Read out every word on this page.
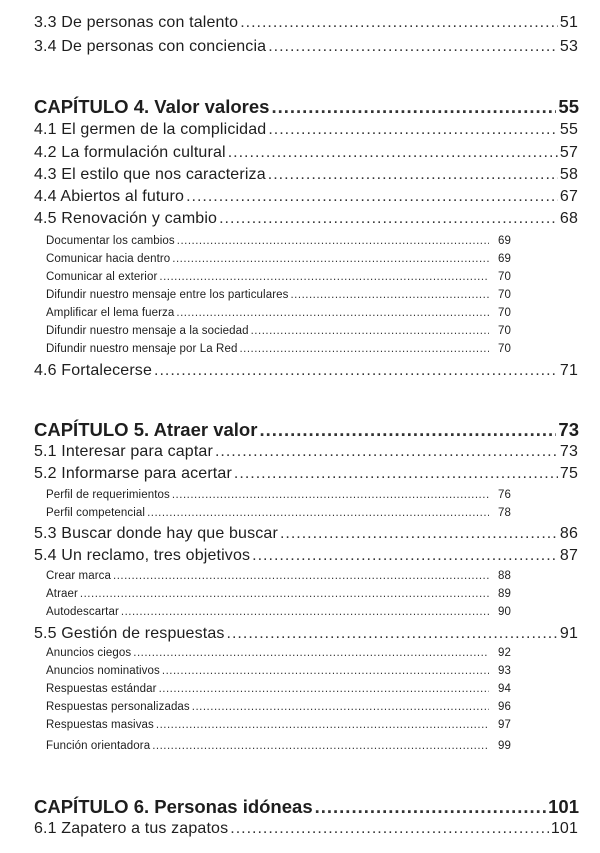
3.3 De personas con talento .....	51
3.4 De personas con conciencia .....	53
CAPÍTULO 4. Valor valores .....	55
4.1 El germen de la complicidad .....	55
4.2 La formulación cultural .....	57
4.3 El estilo que nos caracteriza .....	58
4.4 Abiertos al futuro .....	67
4.5 Renovación y cambio .....	68
Documentar los cambios .....	69
Comunicar hacia dentro .....	69
Comunicar al exterior .....	70
Difundir nuestro mensaje entre los particulares .....	70
Amplificar el lema fuerza .....	70
Difundir nuestro mensaje a la sociedad .....	70
Difundir nuestro mensaje por La Red .....	70
4.6 Fortalecerse .....	71
CAPÍTULO 5. Atraer valor .....	73
5.1 Interesar para captar .....	73
5.2 Informarse para acertar .....	75
Perfil de requerimientos .....	76
Perfil competencial .....	78
5.3 Buscar donde hay que buscar .....	86
5.4 Un reclamo, tres objetivos .....	87
Crear marca .....	88
Atraer .....	89
Autodescartar .....	90
5.5 Gestión de respuestas .....	91
Anuncios ciegos .....	92
Anuncios nominativos .....	93
Respuestas estándar .....	94
Respuestas personalizadas .....	96
Respuestas masivas .....	97
Función orientadora .....	99
CAPÍTULO 6. Personas idóneas .....	101
6.1 Zapatero a tus zapatos .....	101
